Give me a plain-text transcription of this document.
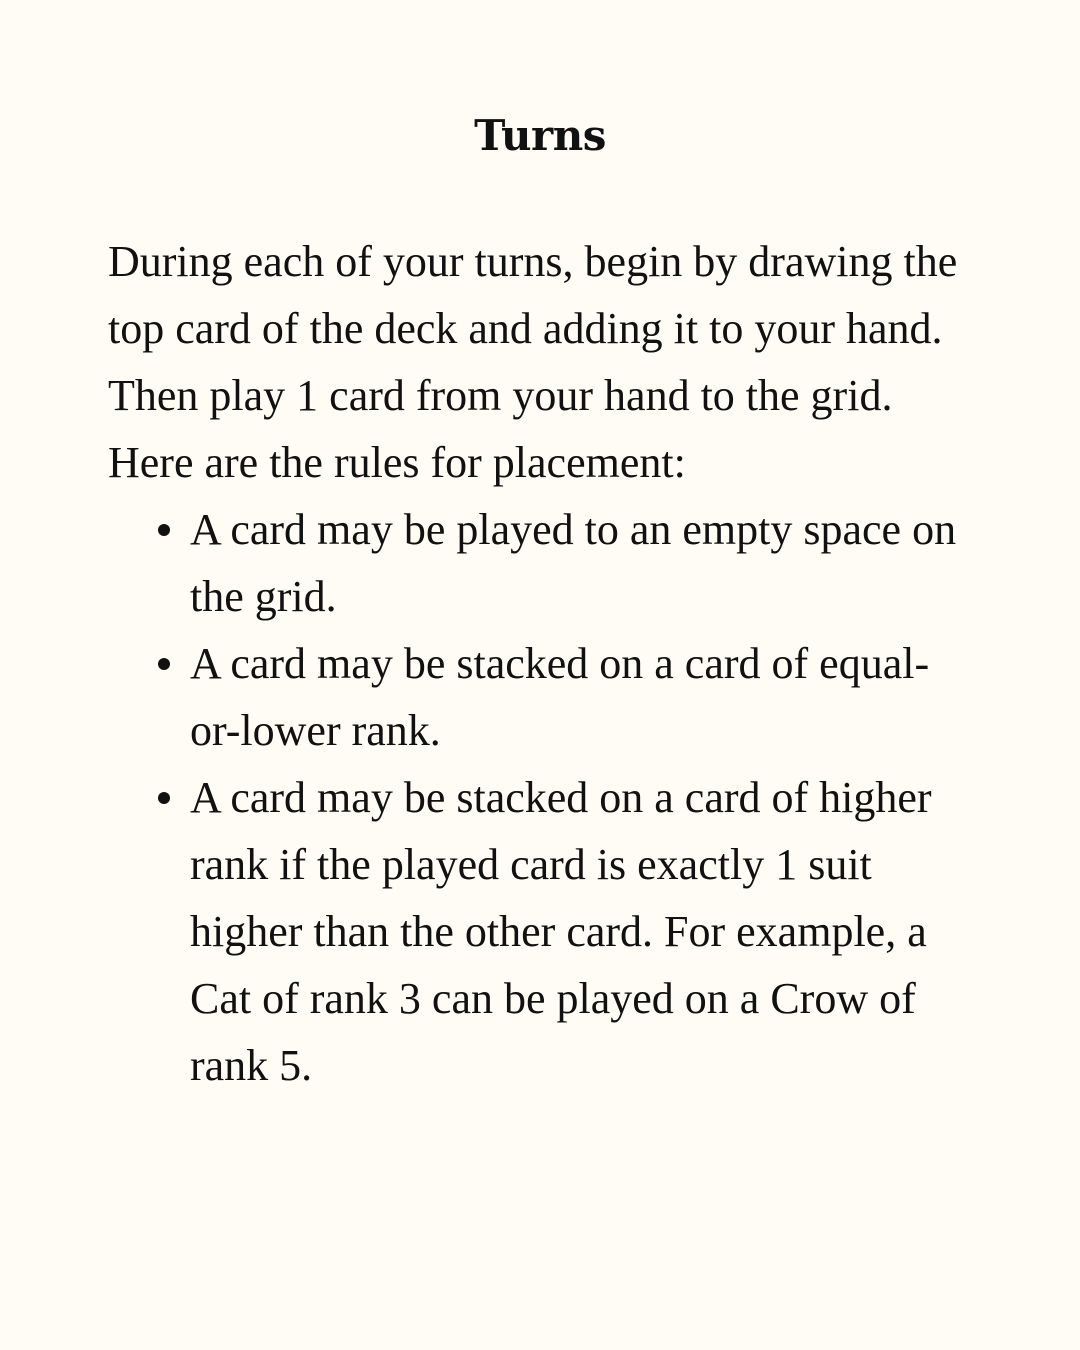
Turns

During each of your turns, begin by drawing the top card of the deck and adding it to your hand. Then play 1 card from your hand to the grid. Here are the rules for placement:

A card may be played to an empty space on the grid.
A card may be stacked on a card of equal-or-lower rank.
A card may be stacked on a card of higher rank if the played card is exactly 1 suit higher than the other card. For example, a Cat of rank 3 can be played on a Crow of rank 5.
